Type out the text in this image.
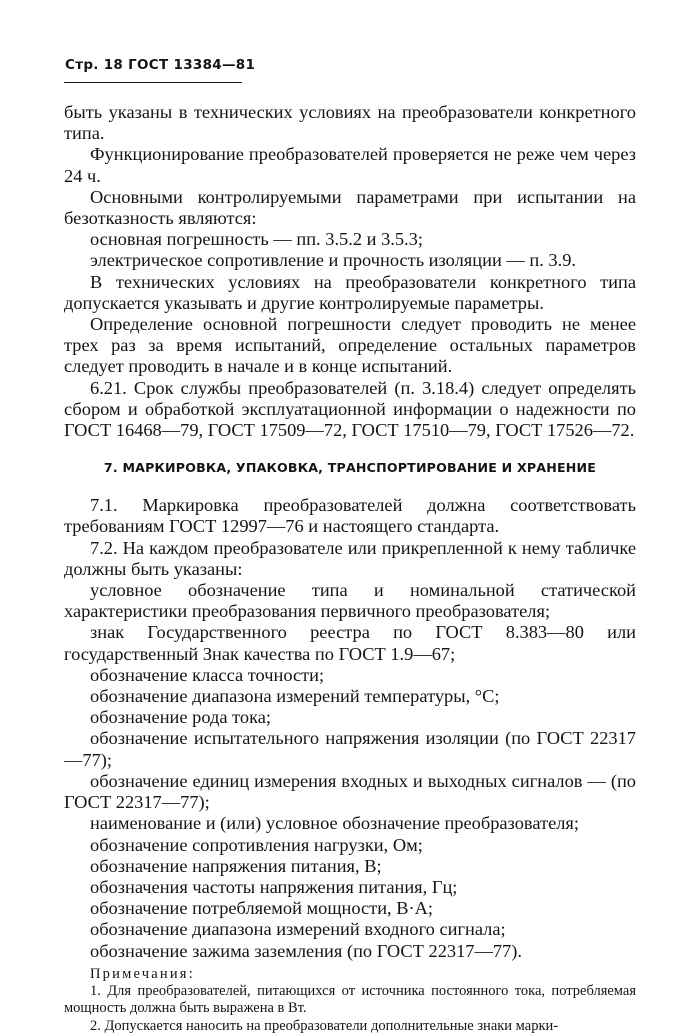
Стр. 18 ГОСТ 13384—81

быть указаны в технических условиях на преобразователи конкретного типа.

Функционирование преобразователей проверяется не реже чем через 24 ч.

Основными контролируемыми параметрами при испытании на безотказность являются:

основная погрешность — пп. 3.5.2 и 3.5.3;

электрическое сопротивление и прочность изоляции — п. 3.9.

В технических условиях на преобразователи конкретного типа допускается указывать и другие контролируемые параметры.

Определение основной погрешности следует проводить не менее трех раз за время испытаний, определение остальных параметров следует проводить в начале и в конце испытаний.

6.21. Срок службы преобразователей (п. 3.18.4) следует определять сбором и обработкой эксплуатационной информации о надежности по ГОСТ 16468—79, ГОСТ 17509—72, ГОСТ 17510—79, ГОСТ 17526—72.

7. МАРКИРОВКА, УПАКОВКА, ТРАНСПОРТИРОВАНИЕ И ХРАНЕНИЕ

7.1. Маркировка преобразователей должна соответствовать требованиям ГОСТ 12997—76 и настоящего стандарта.

7.2. На каждом преобразователе или прикрепленной к нему табличке должны быть указаны:

условное обозначение типа и номинальной статической характеристики преобразования первичного преобразователя;

знак Государственного реестра по ГОСТ 8.383—80 или государственный Знак качества по ГОСТ 1.9—67;

обозначение класса точности;

обозначение диапазона измерений температуры, °С;

обозначение рода тока;

обозначение испытательного напряжения изоляции (по ГОСТ 22317—77);

обозначение единиц измерения входных и выходных сигналов — (по ГОСТ 22317—77);

наименование и (или) условное обозначение преобразователя;

обозначение сопротивления нагрузки, Ом;

обозначение напряжения питания, В;

обозначения частоты напряжения питания, Гц;

обозначение потребляемой мощности, В·А;

обозначение диапазона измерений входного сигнала;

обозначение зажима заземления (по ГОСТ 22317—77).

Примечания:
1. Для преобразователей, питающихся от источника постоянного тока, потребляемая мощность должна быть выражена в Вт.
2. Допускается наносить на преобразователи дополнительные знаки марки-
